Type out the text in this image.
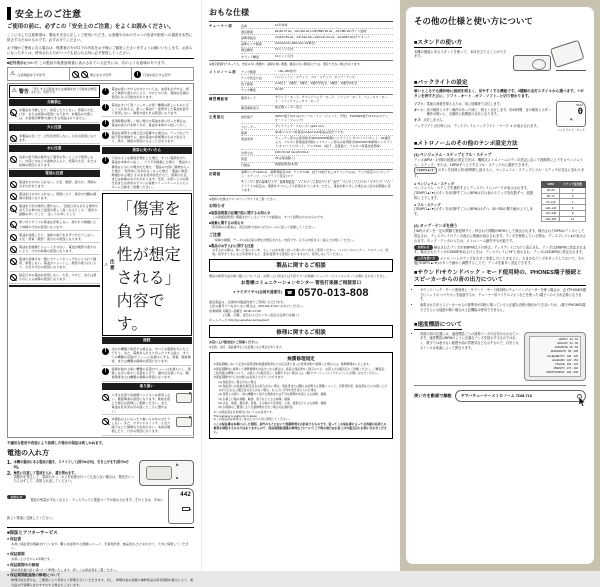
安全上のご注意
ご使用の前に、必ずこの「安全上のご注意」をよくお読みください。

ここに示した注意事項は、製品を安全に正しくご使用いただき、お客様やほかの方々への危害や財産への損害を未然に防止するためのものです。必ずお守りください。

お子様がご使用になる場合は、保護者の方が以下の内容をお子様にご徹底くださいますようお願いいたします。お読みになったあとは、使用される方がいつでも見られる所に必ず保管してください。

■記号表示について この製品や取扱説明書に表示されている記号には、次のような意味があります。
⚠ 注意喚起を示す記号	禁止を示す記号 !	行為を指示する記号
⚠ 警告
「死亡する可能性または重傷を負う可能性が想定される」内容です。
分解禁止
本製品を分解したり、改造したりしない。感電や火災、けが、または故障の原因になります。本製品の内部には、お客様が修理/交換できる部品はありません。
火に注意
本製品の近くで、火気を使用しない。火災の原因になります。
水に注意
浴室や雨天時の屋外など湿気の多いところで使用しない。内部に水などの液体が入ると、感電や火災、または故障の原因になります。
電池に注意
電池を火の中に入れない。火災、破裂、液もれ、発熱のおそれがあります。
電池を口の中に入れない。誤飲により、窒息や内臓の損傷の原因になります。
電池を下記の場所に置かない。・直射日光のあたる場所や炎天下の車内など温度が著しく高くなるところ ・湿気や振動の多いところ ・ほこりの多いところ
使い切りタイプの電池は充電しない。液もれや破損により故障やけがの原因になります。
電池を加熱したり、塗装や端子をきずつけたりしない。火災・感電・破裂・液もれの原因になります。
電池を金属類とショートさせない。電池が破裂や液もれにより、けがや故障の原因になります。
電池や金属片を一緒にポケットやバッグなどに入れて携帯、保管しない。電池がショートし、破裂や液もれにより、火災やけがの原因になります。
指定以外の電池を使用しない。火災、やけど、または液もれによる故障の原因になります。
!
電池の使い方や入れ方については、本書を必ず守る。誤ると破裂や液もれにより、やけどやけが、周囲の汚損の原因になる可能性があります。
!
電池はすべて同一メーカーの同一種類の新しいものに正しく入れ替える。新しい電池と一度使用した電池を混ぜて使用しない。破裂や液もれの原因になります。
!
使用時間が著しく短い場合や電池を使い切った場合は、電池の液もれを防ぐため、電池を本体から抜いておく。
!
電池を保管する場合及び廃棄する場合は、テープなどで端子部を絶縁する。他の電池や金属製のものと混ざると、発火、破裂の原因になることがあります。
異常に気づいたら
!
下記のような異常が発生した場合、すぐに電源を切り、電池を本体から抜く。・プラグが破損した場合 ・製品から異常なにおいや煙が出た場合 ・製品の内部に異物が入った場合 ・使用中に音が出なくなった場合 ・製品に亀裂、破損がある場合 そのまま使用を続けると、感電や火災、または故障のおそれがあります。至急、お買い上げの販売店または巻末のヤマハお客様コミュニケーションセンターに点検をご依頼ください。
⚠
注意
「傷害を負う可能性が想定される」内容です。
接続
!
ほかの機器と接続する場合は、すべての電源を切った上で行う。また、電源を入れたり切ったりする前に、すべての機器の音量(ボリューム)を最小にする。感電、聴覚障害、または機器の損傷の原因になります。
!
演奏を始める前に機器の音量(ボリューム)を最小にし、演奏しながら徐々に音量を上げて、適切な音量にする。聴覚障害または機器の損傷の原因になります。
取り扱い
大きな音量で長時間ヘッドホンを使用しない。聴覚障害の原因になります。異常を感じた場合は医師にご相談ください。また、電池を乳幼児の手の届くところに置かない。
✕
本製品の上にのったり重いものをのせたりしない。また、ボタンやスイッチ、入出力端子などに無理な力を加えない。本体が破損したり、けがの原因になります。
✕
不適切な使用や改造により故障した場合の保証は致しかねます。
電池の入れ方
1. 本機の裏面にある電池の蓋を、スライドして(図中a方向)、引き上げます(図中b方向)。
2. 極性に注意して電池を入れ、蓋を閉めます。
誤動作が発生して、電源のオン、オフを何度か行っても直らない場合は、電池をいったんはずして、再度入れ直してください。
b
a
お知らせ 電池の残量が少なくなると、ディスプレイに電池マークが表示されます。そのときは、早めに新しい電池に交換してください。
442
■保証とアフターサービス
● 保証書
本書に保証書が掲載されています。購入を証明する書類(レシート、売買契約書、納品書など)とあわせて、大切に保管してください。
● 保証期間
お買い上げ日から1年間です。
● 保証期間中の修理
保証書記載内容に基づいて修理いたします。詳しくは保証書をご覧ください。
● 保証期間経過後の修理について
修理可能な部分は、ご要望により有料にて修理させていただきます。但し、修理料金の金額や補修部品の保有期間の都合により、相当品の代替購入をおすすめする場合もございます。
おもな仕様
チューナー部	音律	12平均律
測定範囲	E1(20.47 Hz、A4=410 Hz)~C8(4586.36 Hz、A4=480 Hz)サイン波時
基準発振音	C3(121.89 Hz、A4=410 Hz)~C6(1141.44 Hz、A4=480 Hz)3オクターブ
基準ピッチ範囲	A4=410 Hz~480 Hz(1 Hz単位)
測定精度	±1セント以内
サウンド精度	±1セント以内
※測定範囲内であっても、倍音の多い楽器や、減衰の速い楽器、雑音の多い環境などでは、測定できない場合があります。
メトロノーム部	テンポ範囲	♩=30~252拍/分
テンポ設定方法	ペンジュラム・ステップ、フル・ステップ、タップ・テンポ
拍子範囲	0~9拍子、2連符、3連符、3連符中抜き、4連符、4連符中抜き
テンポ精度	±0.3%
練習機能部	練習モード	サウンド・モード、サウンドバック・モード、トラック・モード、フォーカス・モード、トラックフォーカス・モード
練習補助表示	純正調メーター表示
主要諸元	接続端子	INPUT端子(3.5 mmモノラル・ミニ・ジャック、平型)、PHONES端子(3.5 mmステレオ・ミニ・ジャック)
スピーカー	ダイナミック・スピーカー(φ23 mm)
電源	単4形アルカリ乾電池×2本(3 V)※電池は別売りです。
電池寿命	チューナー部のみ使用時:約250/100/45時間(バックライト:オフ/ソフト/オート、A4連続入力、アルカリ乾電池使用時) メトロノーム部のみ使用時:約300/130/75時間(バックライト:オフ/ソフト/オート、テンポ120、4拍子、音量最大、アルカリ乾電池使用時)
外形寸法	106×72×18 mm(W×D×H)
質量	79 g(電池除く)
付属品	取扱説明書(本書)
初期値	基準ピッチ=442 Hz、基準発振音=A4、テンポ=120、拍子=0拍子なし(1クリックのみ)、テンポ設定=ペンジュラム・ステップ、バックライト設定=オフ
チューナー部の基準ピッチ、基準発振音、メトロノーム部のテンポ、拍子、ペンジュラム/フル・ステップ、バックライトの設定は、電源をオフにしても記憶されています。ただし、電池を取り外した場合は上記の初期値に戻ります。
※最新の仕様はヤマハのウェブサイトをご覧ください。
お知らせ
■取扱説明書の記載内容に関するお知らせ
この取扱説明書に掲載されているイラストや画面は、すべて説明のためのものです。
■廃棄に関するお知らせ
使用済みの電池は、各自治体で決められたルールに従って廃棄してください。
ご注意
「故障や破損、データの消失等の発生が想定される」内容です。以下の内容をよく読んでお使いください。
■製品のお手入れに関する注意
お手入れの際は、乾いた柔らかい布、もしくは水を固く絞った柔らかい布をご使用ください。ベンジンやシンナー、アルコール、洗剤、化学ぞうきんなどを使用すると、変色/変質する原因になりますので、使用しないでください。
製品に関するご相談
製品の使用方法や取り扱いについては、お買い上げ店または下記ヤマハお客様コミュニケーションセンターへお問い合わせください。
お客様コミュニケーションセンター 管弦打楽器ご相談窓口
● ナビダイヤル(全国共通番号)	☎ 0570-013-808
固定電話は、全国市内通話料金でご利用いただけます。
上記の番号でつながらない場合は、053-411-4744へおかけください。
営業時間 月曜日~金曜日 10:00~17:00
(土曜、日曜、祝日およびセンター指定の定休日を除く)
ホームページ http://jp.yamaha.com/support/
修理に関するご相談
お買い上げ販売店にご相談ください。
※名称、住所、電話番号などは変更になる場合があります。
無償修理規定
①保証期間において正常な使用状態(取扱説明書などの注意書に従った使用状態)で故障した場合には、無償修理をいたします。
②保証期間内に故障して無償修理をお受けになる場合は、商品と保証書をご提示のうえ、お買上げの販売店にご依頼ください。ご贈答品、ご転居後の修理について、お買上げの販売店にご依頼できない場合には、(株)ヤマハミュージックジャパンにお問い合わせください。
③保証期間内でも次の場合は有料とさせていただきます。
(1) 保証書のご提示がない場合
(2) 保証書にお客様名/販売店名の記入がない場合、保証書または購入を証明する書類(レシート、売買契約書、納品書など)にお買い上げの年月日および販売店の記入がない場合、ならびに字句を書き替えられた場合
(3) 使用上の誤り、他の機器から受けた障害または不当な修理や改造による故障、損傷
(4) お買上げ後の移動、輸送、落下などによる故障、損傷
(5) 火災、地震、風水害、落雷、その他の天災地変、公害、塩害などによる故障、損傷
(6) お客様のご要望により出張修理を行なう場合の出張料金
※この保証書は日本国内においてのみ有効です。
This warranty is valid only in Japan.
※この保証書は再発行しませんので大切に保管してください。
◎この保証書は本書に示した期間、条件のもとにおいて無償修理をお約束するものです。従ってこの保証書によってお客様の法律上の権利を制限するものではありませんので、保証期間経過後の修理などについてご不明の場合はお買上げの販売店にお問い合わせください。
その他の仕様と使い方について
■スタンドの使い方
本機の裏面にあるスタンドを使って、本体を立てることができます。
■バックライトの設定
暗いところでも操作時に画面を明るく、見やすくする機能です。3種類の点灯スタイルから選べます。☀ボタンを押すたびに、ソフト→オート→オフ→ソフト...と切り替わります。
ソフト: 電池の消耗を抑えるため、常に低輝度で点灯します。
オート: 音の検知とボタン操作があった時に、明るく点灯します。約10秒間、音の検知とボタン操作が無いと、自動的に低輝度の点灯になります。
オフ: 点灯しません。
バックライト点灯時には、ディスプレイにバックライト・マーク ☀ が表示されます。
BEAT
0
☀
バックライト・マーク
■メトロノームのその他のテンポ設定方法
(1) ペンジュラム・ステップとフル・ステップ
テンポ(BPM・1分間の拍数)の設定方法は、機械式メトロノームのテンポ設定に沿って段階的に上下するペンジュラム・ステップ、または、1BPMずつ上下するフル・ステップから選択できます。
TEMPO▲/▼ ボタンを同時に約1秒間押し続けると、ペンジュラム・ステップとフル・ステップが交互に変わります。
● ペンジュラム・ステップ
ペンジュラム・ステップを選択するとディスプレイに♪マークが表示されます。(TEMPO▲/▼)ボタンを1回押すごとにBPMは右の表のステップ変化数ずつ、段階的に上下します。
● フル・ステップ
(TEMPO▲/▼)ボタンを1回押すごとにBPMは1ずつ、30~252の間で値が上下します。
BPM	ステップ変化数
30~60	2
60~72	3
72~120	4
120~144	6
144~240	8
240~252	12
(2) タップ・テンポを使う
(TAP)ボタンを一定の間隔で数回押すと、押された間隔がBPMとして検出されます。検出されたBPMはテンポとして設定され、ディスプレイのテンポ表示に数値が表示されます。テンポを検知している間は、ディスプレイに●が表示されます。タップ・テンポの入力は、メトロノーム動作中も可能です。
お知らせ 検出されたテンポが30BPM以下の時は、ディスプレイに“Lo”と表示され、テンポは30BPMに設定されます。検出されたテンポが252BPM以上のときは、ディスプレイに“Hi”と表示され、テンポは252BPMに設定されます。
上手な使い方 メトロノームのテンポを大きく変更したいときなどに、大まかなテンポをタップしておいて、その後(TEMPO▲/▼)ボタンで細かく調整することで、テンポを素早く設定できます。
■サウンド/サウンドバック・モード使用時の、PHONES端子接続とスピーカーからの音の出力について
• サウンドバック・モード使用時と、サウンド・モード使用時にチューニングメーターを使う場合は、必ずPHONES端子にヘッドホン/イヤホンを接続するか、チューナー用マイクロフォンなどを使った♪端子への入力が必要になります。
• 演奏された音とスピーカーからの基準音が同時に鳴っていると正確な音程の検出ができないため、♪端子/PHONES端子どちらにも接続が無い場合は上記機能は使用できません。
■速度標語について
• 背面の図の位置には、速度標語ごとの演奏テンポの目安が示されています。速度標語はBPMのように正確なテンポを指示するものではなく、数字では表せない曲想や曲の雰囲気なども示すもので、目安となるテンポは楽曲によって異なります。
LENTO 44 - 54
ADAGIO 54 - 66
ANDANTE 66 - 84
MODERATO 84 - 108
ALLEGRETTO 108 - 120
ALLEGRO 120 - 152
VIVACE 152 - 176
PRESTO 176 - 192
PRESTISSIMO 192 - 208
使い方を動画で解説 ヤマハチューナーメトロノーム TDM-710
